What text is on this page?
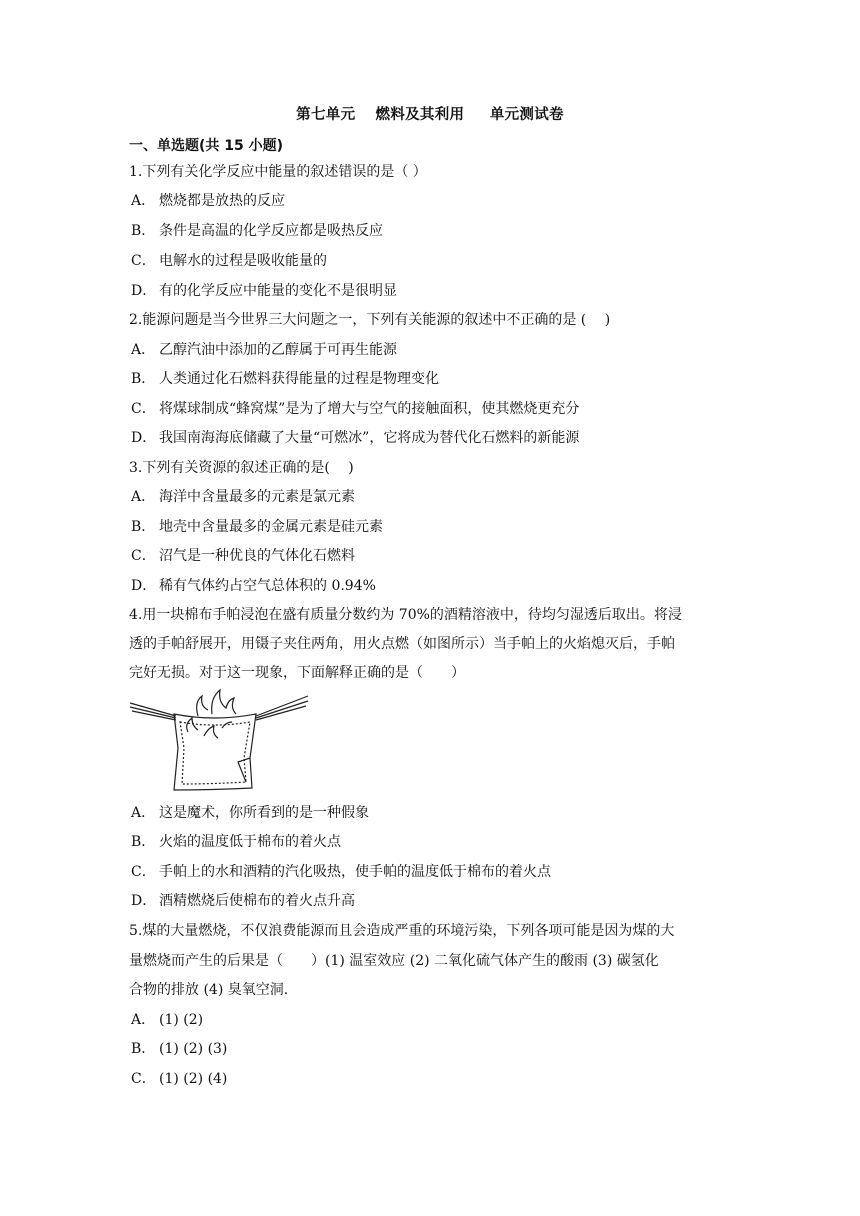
第七单元　 燃料及其利用　  单元测试卷
一、单选题(共 15 小题)
1.下列有关化学反应中能量的叙述错误的是（ ）
A． 燃烧都是放热的反应
B． 条件是高温的化学反应都是吸热反应
C． 电解水的过程是吸收能量的
D． 有的化学反应中能量的变化不是很明显
2.能源问题是当今世界三大问题之一，下列有关能源的叙述中不正确的是 (　 )
A． 乙醇汽油中添加的乙醇属于可再生能源
B． 人类通过化石燃料获得能量的过程是物理变化
C． 将煤球制成“蜂窝煤”是为了增大与空气的接触面积，使其燃烧更充分
D． 我国南海海底储藏了大量“可燃冰”，它将成为替代化石燃料的新能源
3.下列有关资源的叙述正确的是(　 )
A． 海洋中含量最多的元素是氯元素
B． 地壳中含量最多的金属元素是硅元素
C． 沼气是一种优良的气体化石燃料
D． 稀有气体约占空气总体积的 0.94%
4.用一块棉布手帕浸泡在盛有质量分数约为 70%的酒精溶液中，待均匀湿透后取出。将浸
透的手帕舒展开，用镊子夹住两角，用火点燃（如图所示）当手帕上的火焰熄灭后，手帕
完好无损。对于这一现象，下面解释正确的是（　　）
A． 这是魔术，你所看到的是一种假象
B． 火焰的温度低于棉布的着火点
C． 手帕上的水和酒精的汽化吸热，使手帕的温度低于棉布的着火点
D． 酒精燃烧后使棉布的着火点升高
5.煤的大量燃烧，不仅浪费能源而且会造成严重的环境污染，下列各项可能是因为煤的大
量燃烧而产生的后果是（　　）(1) 温室效应 (2) 二氧化硫气体产生的酸雨 (3) 碳氢化
合物的排放 (4) 臭氧空洞.
A． (1) (2)
B． (1) (2) (3)
C． (1) (2) (4)
